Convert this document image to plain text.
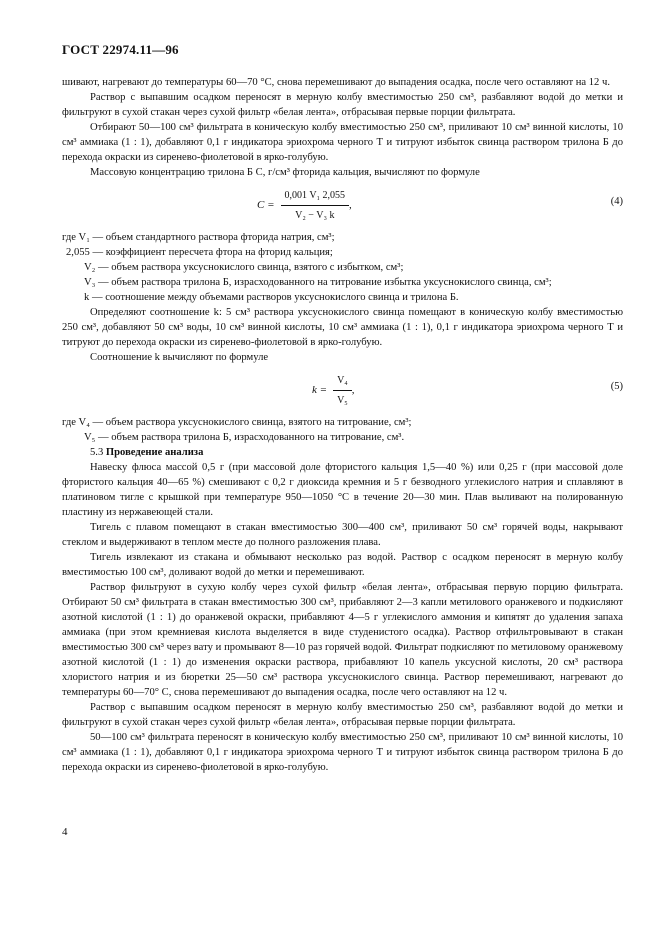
ГОСТ 22974.11—96

шивают, нагревают до температуры 60—70 °С, снова перемешивают до выпадения осадка, после чего оставляют на 12 ч.

Раствор с выпавшим осадком переносят в мерную колбу вместимостью 250 см³, разбавляют водой до метки и фильтруют в сухой стакан через сухой фильтр «белая лента», отбрасывая первые порции фильтрата.

Отбирают 50—100 см³ фильтрата в коническую колбу вместимостью 250 см³, приливают 10 см³ винной кислоты, 10 см³ аммиака (1 : 1), добавляют 0,1 г индикатора эриохрома черного Т и титруют избыток свинца раствором трилона Б до перехода окраски из сиренево-фиолетовой в ярко-голубую.

Массовую концентрацию трилона Б С, г/см³ фторида кальция, вычисляют по формуле

$C = \frac{\text{0,001 V₁ 2,055}}{\text{V₂ − V₃ k}}$ ,	(4)

где V₁ — объем стандартного раствора фторида натрия, см³;

2,055 — коэффициент пересчета фтора на фторид кальция;

V₂ — объем раствора уксуснокислого свинца, взятого с избытком, см³;

V₃ — объем раствора трилона Б, израсходованного на титрование избытка уксуснокислого свинца, см³;

k — соотношение между объемами растворов уксуснокислого свинца и трилона Б.

Определяют соотношение k: 5 см³ раствора уксуснокислого свинца помещают в коническую колбу вместимостью 250 см³, добавляют 50 см³ воды, 10 см³ винной кислоты, 10 см³ аммиака (1 : 1), 0,1 г индикатора эриохрома черного Т и титруют до перехода окраски из сиренево-фиолетовой в ярко-голубую.

Соотношение k вычисляют по формуле

$k = \frac{\text{V₄}}{\text{V₅}}$ ,	(5)

где V₄ — объем раствора уксуснокислого свинца, взятого на титрование, см³;

V₅ — объем раствора трилона Б, израсходованного на титрование, см³.

5.3 Проведение анализа

Навеску флюса массой 0,5 г (при массовой доле фтористого кальция 1,5—40 %) или 0,25 г (при массовой доле фтористого кальция 40—65 %) смешивают с 0,2 г диоксида кремния и 5 г безводного углекислого натрия и сплавляют в платиновом тигле с крышкой при температуре 950—1050 °С в течение 20—30 мин. Плав выливают на полированную пластину из нержавеющей стали.

Тигель с плавом помещают в стакан вместимостью 300—400 см³, приливают 50 см³ горячей воды, накрывают стеклом и выдерживают в теплом месте до полного разложения плава.

Тигель извлекают из стакана и обмывают несколько раз водой. Раствор с осадком переносят в мерную колбу вместимостью 100 см³, доливают водой до метки и перемешивают.

Раствор фильтруют в сухую колбу через сухой фильтр «белая лента», отбрасывая первую порцию фильтрата. Отбирают 50 см³ фильтрата в стакан вместимостью 300 см³, прибавляют 2—3 капли метилового оранжевого и подкисляют азотной кислотой (1 : 1) до оранжевой окраски, прибавляют 4—5 г углекислого аммония и кипятят до удаления запаха аммиака (при этом кремниевая кислота выделяется в виде студенистого осадка). Раствор отфильтровывают в стакан вместимостью 300 см³ через вату и промывают 8—10 раз горячей водой. Фильтрат подкисляют по метиловому оранжевому азотной кислотой (1 : 1) до изменения окраски раствора, прибавляют 10 капель уксусной кислоты, 20 см³ раствора хлористого натрия и из бюретки 25—50 см³ раствора уксуснокислого свинца. Раствор перемешивают, нагревают до температуры 60—70° С, снова перемешивают до выпадения осадка, после чего оставляют на 12 ч.

Раствор с выпавшим осадком переносят в мерную колбу вместимостью 250 см³, разбавляют водой до метки и фильтруют в сухой стакан через сухой фильтр «белая лента», отбрасывая первые порции фильтрата.

50—100 см³ фильтрата переносят в коническую колбу вместимостью 250 см³, приливают 10 см³ винной кислоты, 10 см³ аммиака (1 : 1), добавляют 0,1 г индикатора эриохрома черного Т и титруют избыток свинца раствором трилона Б до перехода окраски из сиренево-фиолетовой в ярко-голубую.

4
